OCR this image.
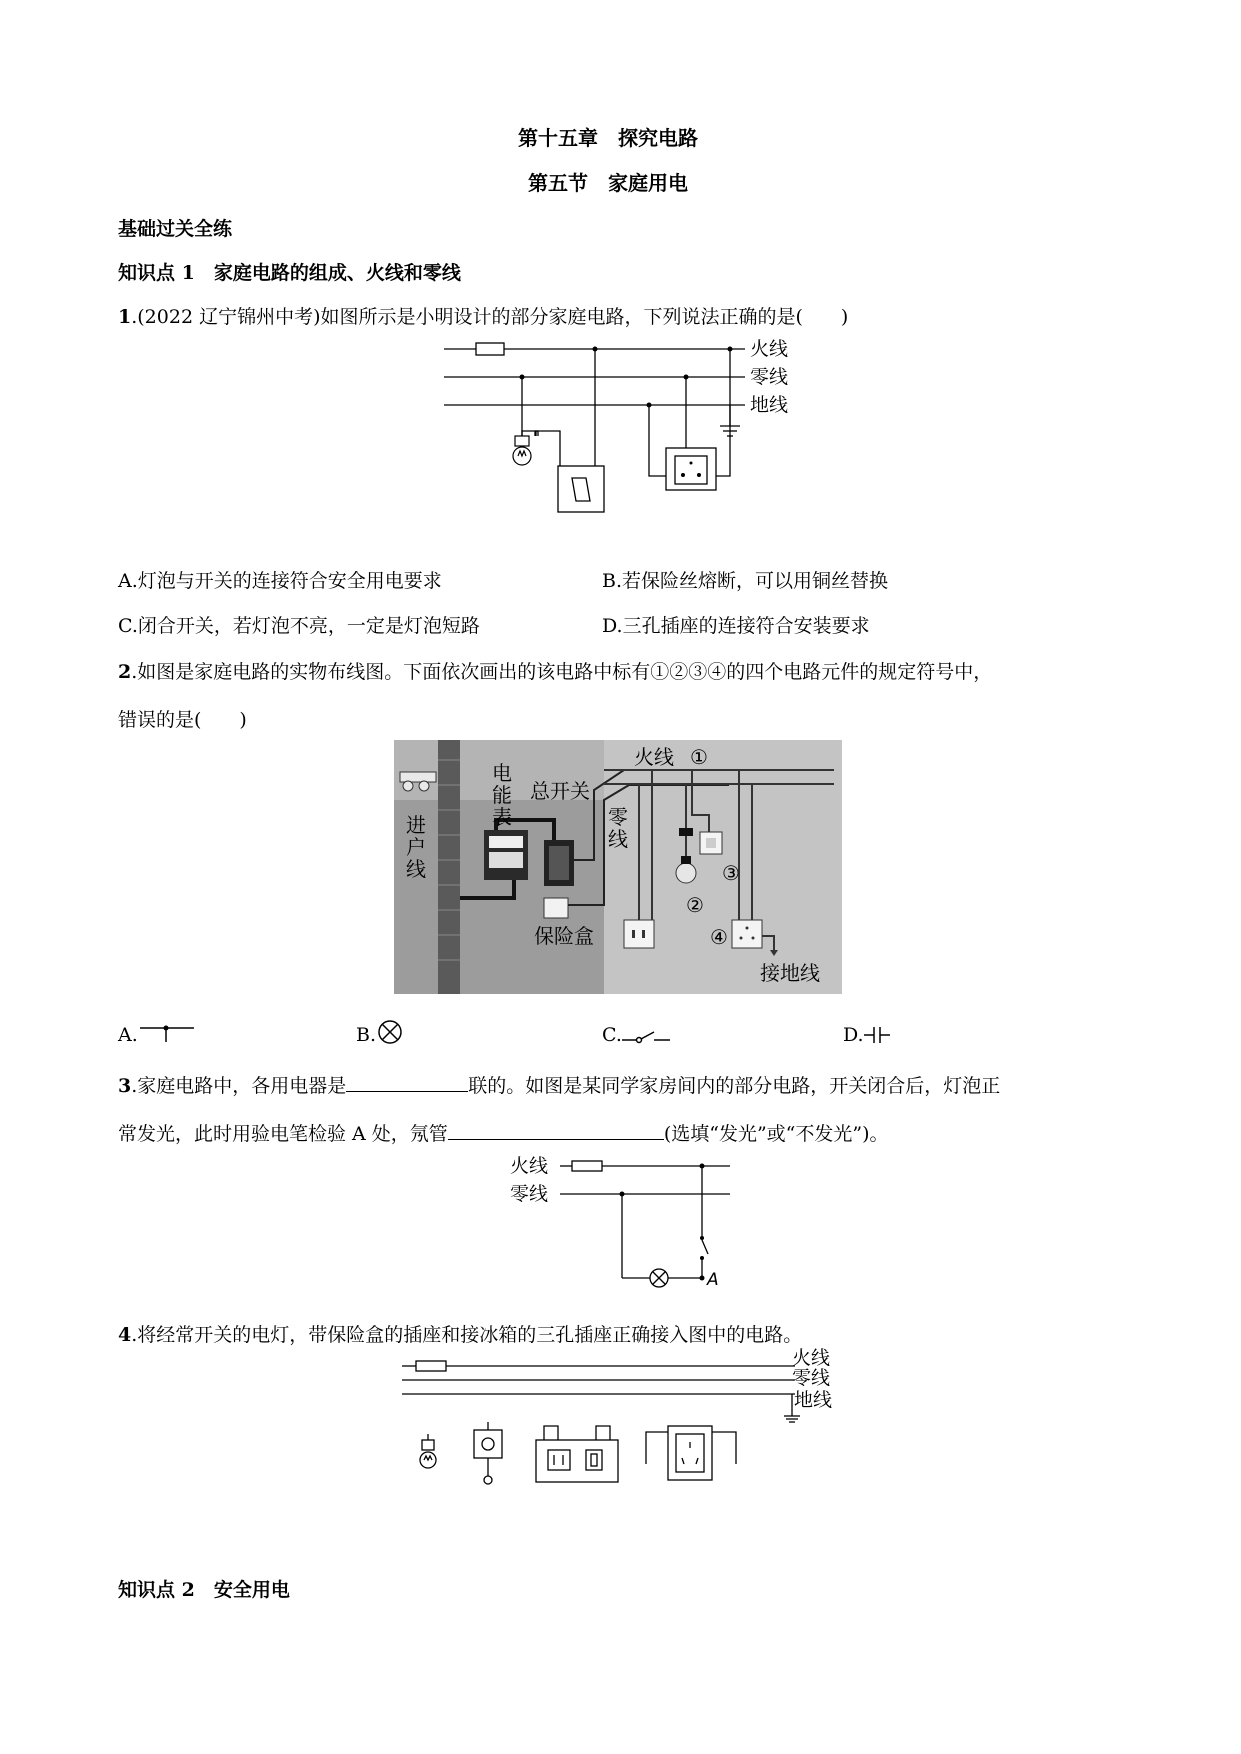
第十五章　探究电路
第五节　家庭用电
基础过关全练
知识点 1　家庭电路的组成、火线和零线
1.(2022 辽宁锦州中考)如图所示是小明设计的部分家庭电路，下列说法正确的是(　　)
火线
零线
地线
A.灯泡与开关的连接符合安全用电要求	B.若保险丝熔断，可以用铜丝替换
C.闭合开关，若灯泡不亮，一定是灯泡短路	D.三孔插座的连接符合安装要求
2.如图是家庭电路的实物布线图。下面依次画出的该电路中标有①②③④的四个电路元件的规定符号中，
错误的是(　　)
进
户
线
电
能
表
总开关
保险盒
火线
零
线
①
②
③
④
接地线
A.	B.	C.	D.
3.家庭电路中，各用电器是	联的。如图是某同学家房间内的部分电路，开关闭合后，灯泡正
常发光，此时用验电笔检验 A 处，氖管	(选填“发光”或“不发光”)。
火线
零线
A
4.将经常开关的电灯，带保险盒的插座和接冰箱的三孔插座正确接入图中的电路。
火线
零线
地线
知识点 2　安全用电
